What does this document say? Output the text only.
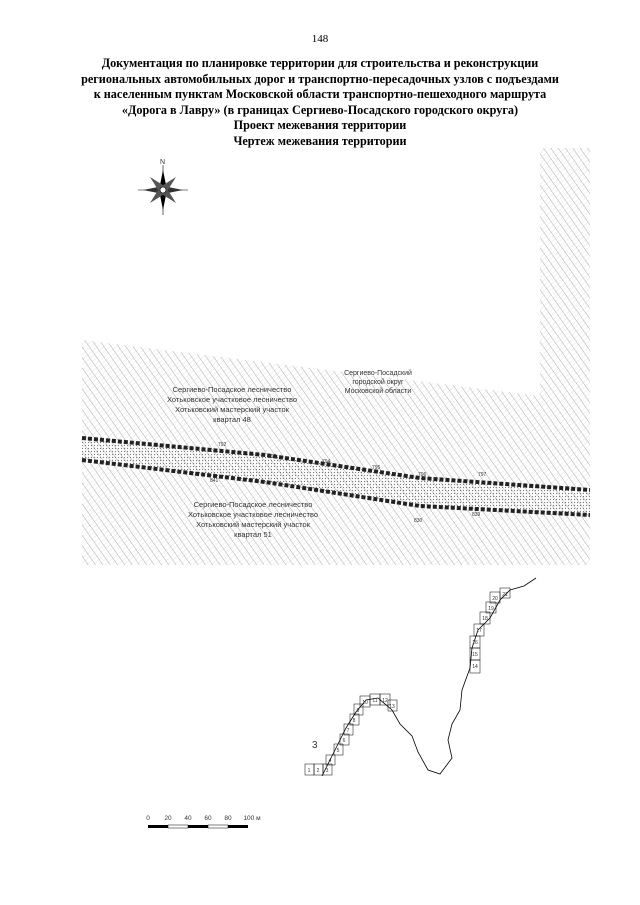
148
Документация по планировке территории для строительства и реконструкции
региональных автомобильных дорог и транспортно-пересадочных узлов с подъездами
к населенным пунктам Московской области транспортно-пешеходного маршрута
«Дорога в Лавру» (в границах Сергиево-Посадского городского округа)
Проект межевания территории
Чертеж межевания территории
N
Сергиево-Посадское лесничество
Хотьковское участковое лесничество
Хотьковский мастерский участок
квартал 48
Сергиево-Посадский
городской округ
Московской области
Сергиево-Посадское лесничество
Хотьковское участковое лесничество
Хотьковский мастерский участок
квартал 51
792
793
794
795
796	797
841
830
839
1 2 3
4
5
6
7
8
9
10 11 12
13
3
14
15
16
17
18
19
20
21
0 20 40 60 80 100 м
